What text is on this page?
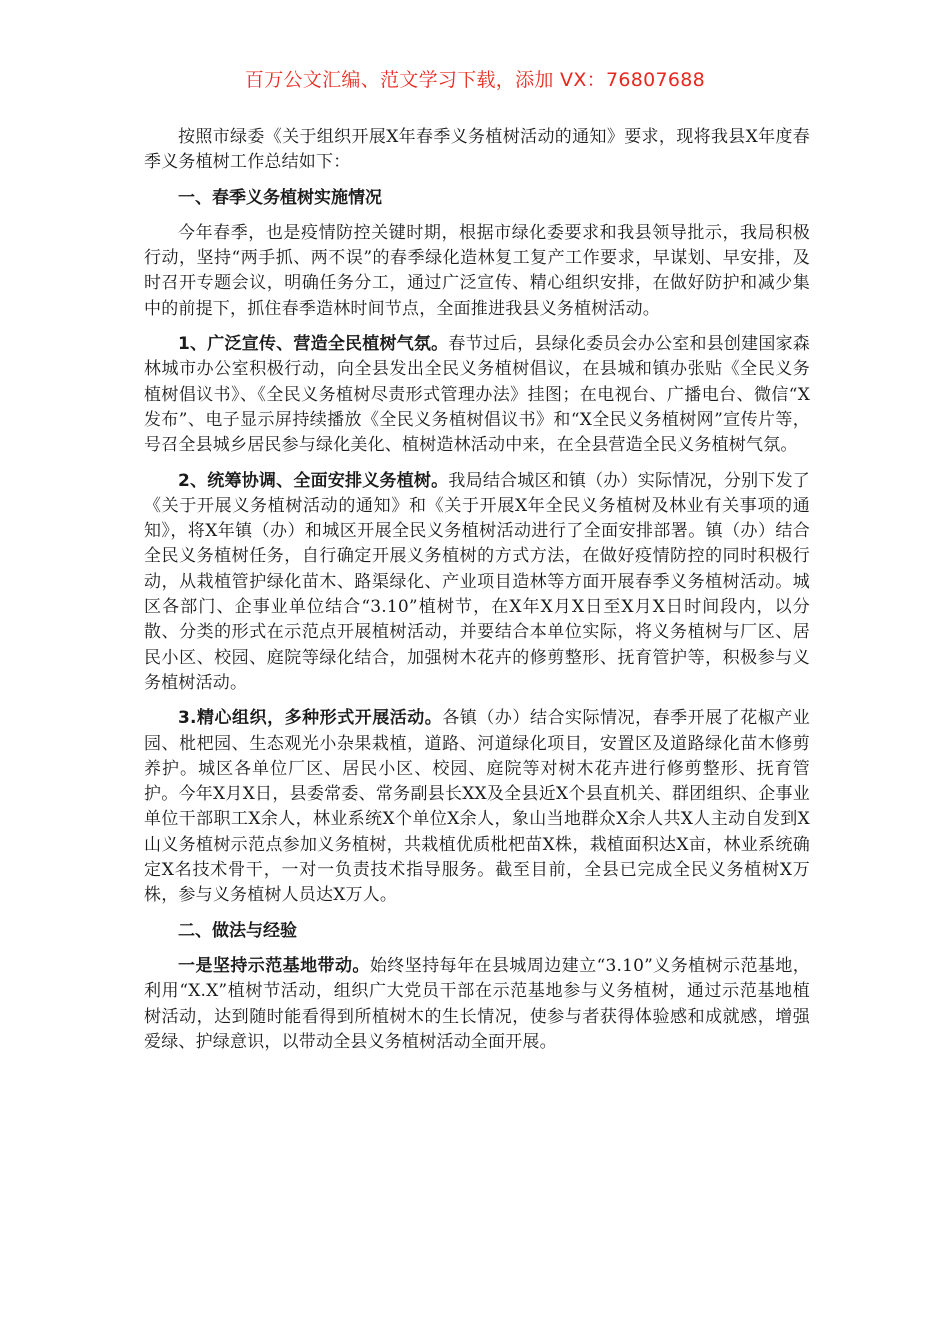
百万公文汇编、范文学习下载，添加 VX：76807688

按照市绿委《关于组织开展X年春季义务植树活动的通知》要求，现将我县X年度春季义务植树工作总结如下：

一、春季义务植树实施情况

今年春季，也是疫情防控关键时期，根据市绿化委要求和我县领导批示，我局积极行动，坚持“两手抓、两不误”的春季绿化造林复工复产工作要求，早谋划、早安排，及时召开专题会议，明确任务分工，通过广泛宣传、精心组织安排，在做好防护和减少集中的前提下，抓住春季造林时间节点，全面推进我县义务植树活动。

1、广泛宣传、营造全民植树气氛。春节过后，县绿化委员会办公室和县创建国家森林城市办公室积极行动，向全县发出全民义务植树倡议，在县城和镇办张贴《全民义务植树倡议书》、《全民义务植树尽责形式管理办法》挂图；在电视台、广播电台、微信“X发布”、电子显示屏持续播放《全民义务植树倡议书》和“X全民义务植树网”宣传片等，号召全县城乡居民参与绿化美化、植树造林活动中来，在全县营造全民义务植树气氛。

2、统筹协调、全面安排义务植树。我局结合城区和镇（办）实际情况，分别下发了《关于开展义务植树活动的通知》和《关于开展X年全民义务植树及林业有关事项的通知》，将X年镇（办）和城区开展全民义务植树活动进行了全面安排部署。镇（办）结合全民义务植树任务，自行确定开展义务植树的方式方法，在做好疫情防控的同时积极行动，从栽植管护绿化苗木、路渠绿化、产业项目造林等方面开展春季义务植树活动。城区各部门、企事业单位结合“3.10”植树节，在X年X月X日至X月X日时间段内，以分散、分类的形式在示范点开展植树活动，并要结合本单位实际，将义务植树与厂区、居民小区、校园、庭院等绿化结合，加强树木花卉的修剪整形、抚育管护等，积极参与义务植树活动。

3.精心组织，多种形式开展活动。各镇（办）结合实际情况，春季开展了花椒产业园、枇杷园、生态观光小杂果栽植，道路、河道绿化项目，安置区及道路绿化苗木修剪养护。城区各单位厂区、居民小区、校园、庭院等对树木花卉进行修剪整形、抚育管护。今年X月X日，县委常委、常务副县长XX及全县近X个县直机关、群团组织、企事业单位干部职工X余人，林业系统X个单位X余人，象山当地群众X余人共X人主动自发到X山义务植树示范点参加义务植树，共栽植优质枇杷苗X株，栽植面积达X亩，林业系统确定X名技术骨干，一对一负责技术指导服务。截至目前，全县已完成全民义务植树X万株，参与义务植树人员达X万人。

二、做法与经验

一是坚持示范基地带动。始终坚持每年在县城周边建立“3.10”义务植树示范基地，利用“X.X”植树节活动，组织广大党员干部在示范基地参与义务植树，通过示范基地植树活动，达到随时能看得到所植树木的生长情况，使参与者获得体验感和成就感，增强爱绿、护绿意识，以带动全县义务植树活动全面开展。
